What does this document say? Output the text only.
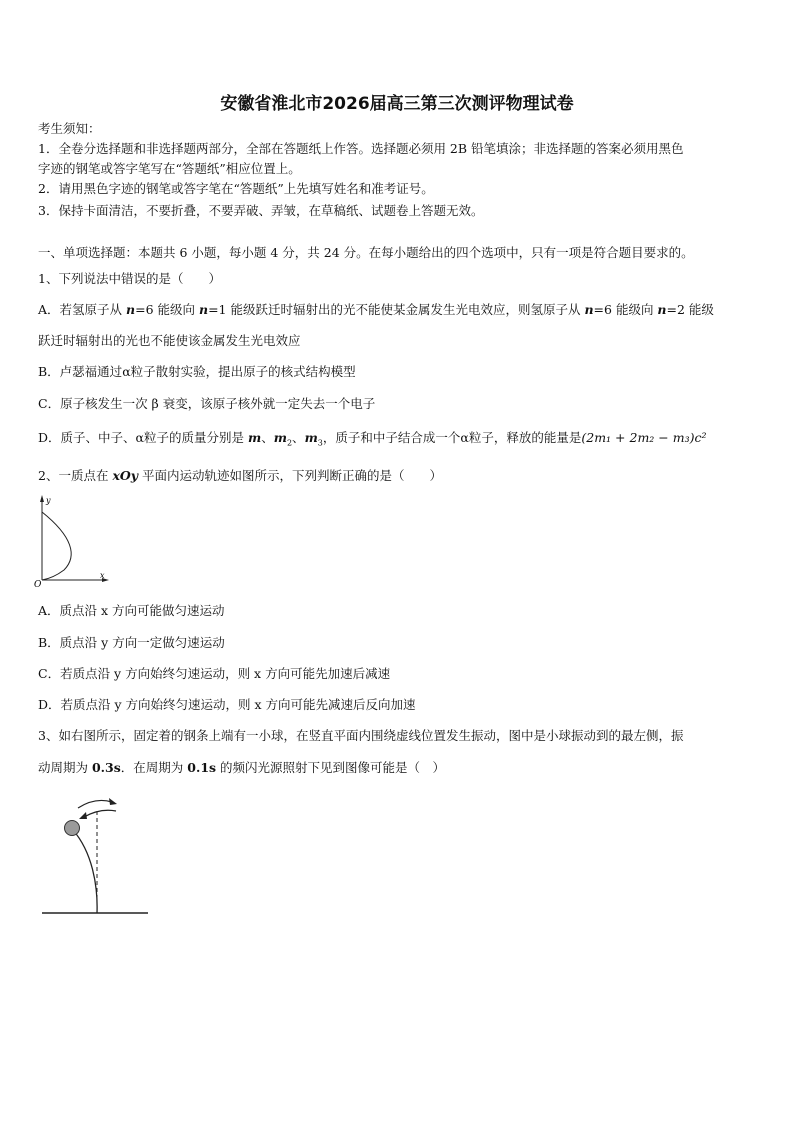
安徽省淮北市2026届高三第三次测评物理试卷
考生须知：
1．全卷分选择题和非选择题两部分，全部在答题纸上作答。选择题必须用 2B 铅笔填涂；非选择题的答案必须用黑色
字迹的钢笔或答字笔写在“答题纸”相应位置上。
2．请用黑色字迹的钢笔或答字笔在“答题纸”上先填写姓名和准考证号。
3．保持卡面清洁，不要折叠，不要弄破、弄皱，在草稿纸、试题卷上答题无效。
一、单项选择题：本题共 6 小题，每小题 4 分，共 24 分。在每小题给出的四个选项中，只有一项是符合题目要求的。
1、下列说法中错误的是（　　）
A．若氢原子从 n=6 能级向 n=1 能级跃迁时辐射出的光不能使某金属发生光电效应，则氢原子从 n=6 能级向 n=2 能级
跃迁时辐射出的光也不能使该金属发生光电效应
B．卢瑟福通过α粒子散射实验，提出原子的核式结构模型
C．原子核发生一次 β 衰变，该原子核外就一定失去一个电子
D．质子、中子、α粒子的质量分别是 m、$m_2$、$m_3$，质子和中子结合成一个α粒子，释放的能量是(2m₁ + 2m₂ − m₃)c²
2、一质点在 xOy 平面内运动轨迹如图所示，下列判断正确的是（　　）
y
x
O
A．质点沿 x 方向可能做匀速运动
B．质点沿 y 方向一定做匀速运动
C．若质点沿 y 方向始终匀速运动，则 x 方向可能先加速后减速
D．若质点沿 y 方向始终匀速运动，则 x 方向可能先减速后反向加速
3、如右图所示，固定着的钢条上端有一小球，在竖直平面内围绕虚线位置发生振动，图中是小球振动到的最左侧，振
动周期为 0.3s．在周期为 0.1s 的频闪光源照射下见到图像可能是（　）
